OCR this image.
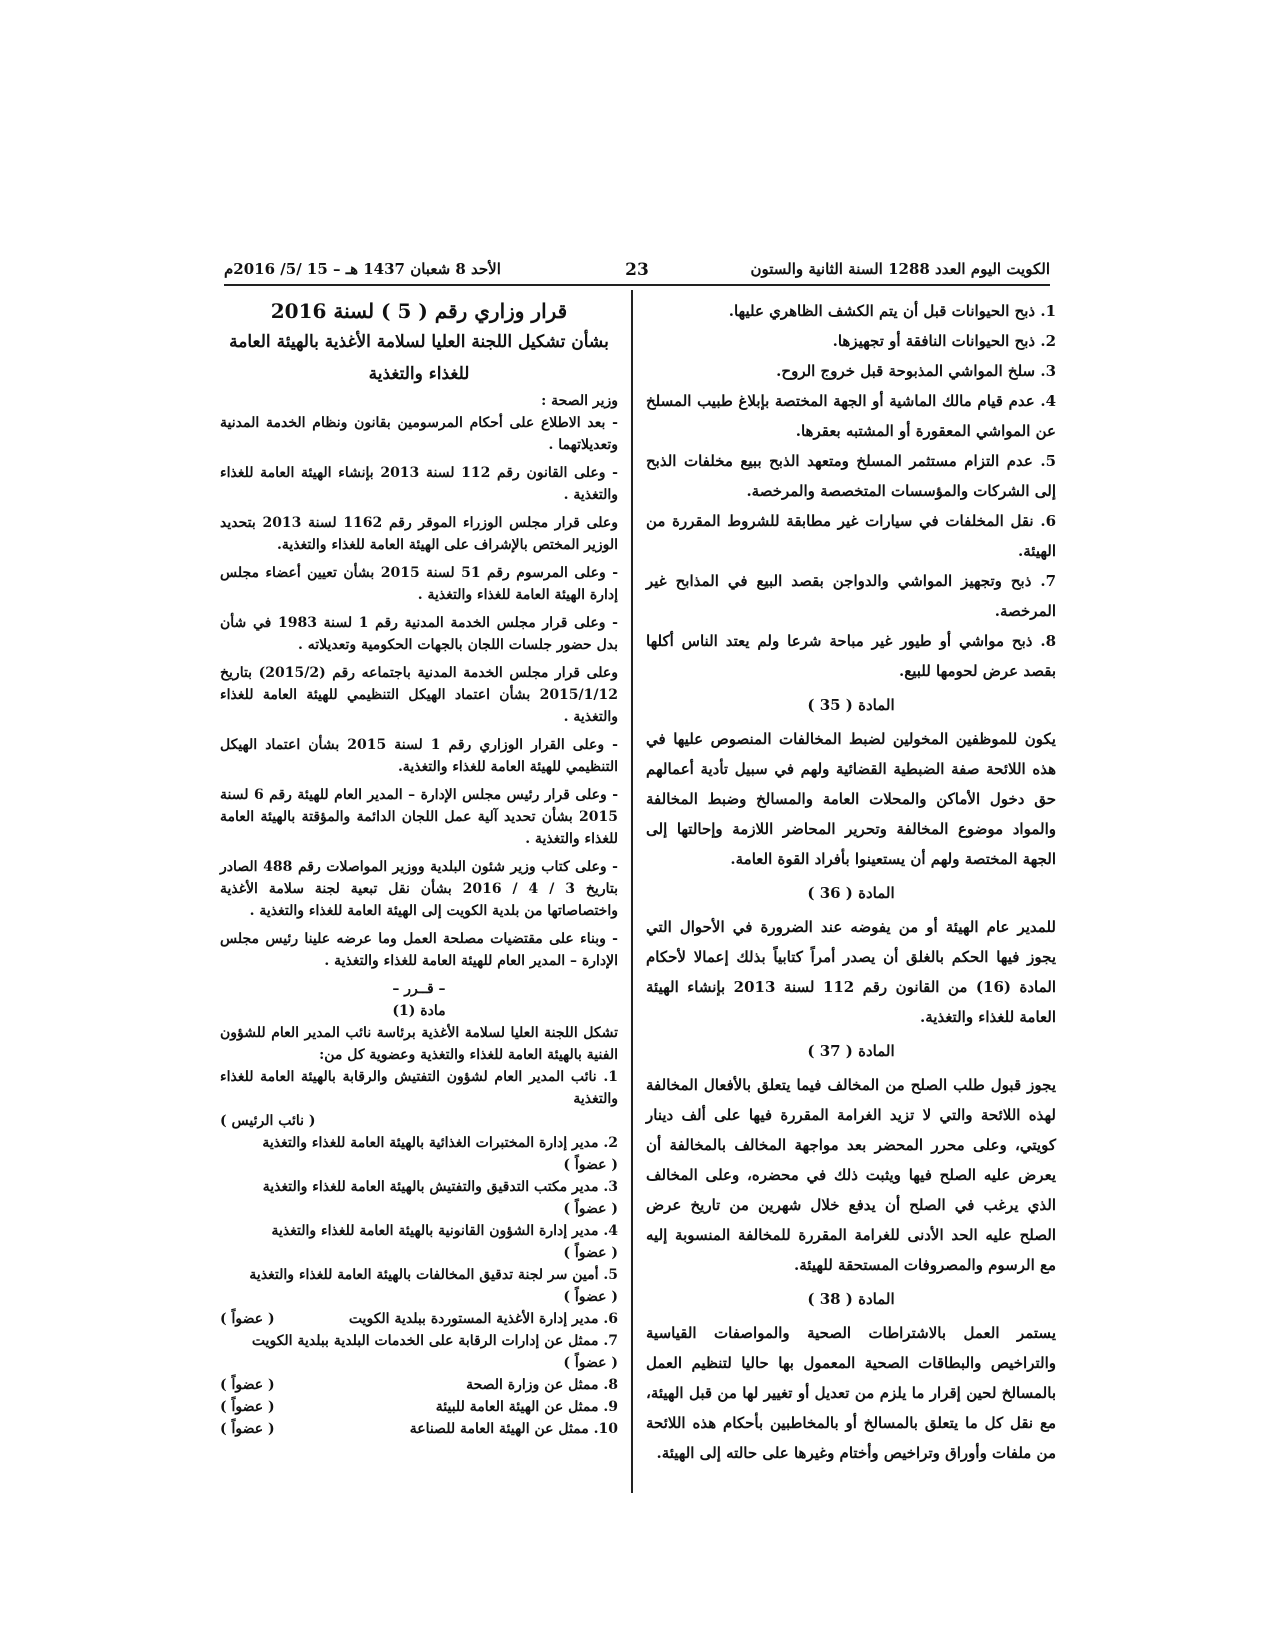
الكويت اليوم العدد 1288 السنة الثانية والستون
23
الأحد 8 شعبان 1437 هـ – 15 /5/ 2016م

1. ذبح الحيوانات قبل أن يتم الكشف الظاهري عليها.

2. ذبح الحيوانات النافقة أو تجهيزها.

3. سلخ المواشي المذبوحة قبل خروج الروح.

4. عدم قيام مالك الماشية أو الجهة المختصة بإبلاغ طبيب المسلخ عن المواشي المعقورة أو المشتبه بعقرها.

5. عدم التزام مستثمر المسلخ ومتعهد الذبح ببيع مخلفات الذبح إلى الشركات والمؤسسات المتخصصة والمرخصة.

6. نقل المخلفات في سيارات غير مطابقة للشروط المقررة من الهيئة.

7. ذبح وتجهيز المواشي والدواجن بقصد البيع في المذابح غير المرخصة.

8. ذبح مواشي أو طيور غير مباحة شرعا ولم يعتد الناس أكلها بقصد عرض لحومها للبيع.

المادة ( 35 )

يكون للموظفين المخولين لضبط المخالفات المنصوص عليها في هذه اللائحة صفة الضبطية القضائية ولهم في سبيل تأدية أعمالهم حق دخول الأماكن والمحلات العامة والمسالخ وضبط المخالفة والمواد موضوع المخالفة وتحرير المحاضر اللازمة وإحالتها إلى الجهة المختصة ولهم أن يستعينوا بأفراد القوة العامة.

المادة ( 36 )

للمدير عام الهيئة أو من يفوضه عند الضرورة في الأحوال التي يجوز فيها الحكم بالغلق أن يصدر أمراً كتابياً بذلك إعمالا لأحكام المادة (16) من القانون رقم 112 لسنة 2013 بإنشاء الهيئة العامة للغذاء والتغذية.

المادة ( 37 )

يجوز قبول طلب الصلح من المخالف فيما يتعلق بالأفعال المخالفة لهذه اللائحة والتي لا تزيد الغرامة المقررة فيها على ألف دينار كويتي، وعلى محرر المحضر بعد مواجهة المخالف بالمخالفة أن يعرض عليه الصلح فيها ويثبت ذلك في محضره، وعلى المخالف الذي يرغب في الصلح أن يدفع خلال شهرين من تاريخ عرض الصلح عليه الحد الأدنى للغرامة المقررة للمخالفة المنسوبة إليه مع الرسوم والمصروفات المستحقة للهيئة.

المادة ( 38 )

يستمر العمل بالاشتراطات الصحية والمواصفات القياسية والتراخيص والبطاقات الصحية المعمول بها حاليا لتنظيم العمل بالمسالخ لحين إقرار ما يلزم من تعديل أو تغيير لها من قبل الهيئة، مع نقل كل ما يتعلق بالمسالخ أو بالمخاطبين بأحكام هذه اللائحة من ملفات وأوراق وتراخيص وأختام وغيرها على حالته إلى الهيئة.

قرار وزاري رقم ( 5 ) لسنة 2016

بشأن تشكيل اللجنة العليا لسلامة الأغذية بالهيئة العامة للغذاء والتغذية

وزير الصحة :

- بعد الاطلاع على أحكام المرسومين بقانون ونظام الخدمة المدنية وتعديلاتهما .

- وعلى القانون رقم 112 لسنة 2013 بإنشاء الهيئة العامة للغذاء والتغذية .

وعلى قرار مجلس الوزراء الموقر رقم 1162 لسنة 2013 بتحديد الوزير المختص بالإشراف على الهيئة العامة للغذاء والتغذية.

- وعلى المرسوم رقم 51 لسنة 2015 بشأن تعيين أعضاء مجلس إدارة الهيئة العامة للغذاء والتغذية .

- وعلى قرار مجلس الخدمة المدنية رقم 1 لسنة 1983 في شأن بدل حضور جلسات اللجان بالجهات الحكومية وتعديلاته .

وعلى قرار مجلس الخدمة المدنية باجتماعه رقم (2015/2) بتاريخ 2015/1/12 بشأن اعتماد الهيكل التنظيمي للهيئة العامة للغذاء والتغذية .

- وعلى القرار الوزاري رقم 1 لسنة 2015 بشأن اعتماد الهيكل التنظيمي للهيئة العامة للغذاء والتغذية.

- وعلى قرار رئيس مجلس الإدارة – المدير العام للهيئة رقم 6 لسنة 2015 بشأن تحديد آلية عمل اللجان الدائمة والمؤقتة بالهيئة العامة للغذاء والتغذية .

- وعلى كتاب وزير شئون البلدية ووزير المواصلات رقم 488 الصادر بتاريخ 3 / 4 / 2016 بشأن نقل تبعية لجنة سلامة الأغذية واختصاصاتها من بلدية الكويت إلى الهيئة العامة للغذاء والتغذية .

- وبناء على مقتضيات مصلحة العمل وما عرضه علينا رئيس مجلس الإدارة – المدير العام للهيئة العامة للغذاء والتغذية .

– قــرر –

مادة (1)

تشكل اللجنة العليا لسلامة الأغذية برئاسة نائب المدير العام للشؤون الفنية بالهيئة العامة للغذاء والتغذية وعضوية كل من:

1. نائب المدير العام لشؤون التفتيش والرقابة بالهيئة العامة للغذاء والتغذية

( نائب الرئيس )

2. مدير إدارة المختبرات الغذائية بالهيئة العامة للغذاء والتغذية

( عضواً )

3. مدير مكتب التدقيق والتفتيش بالهيئة العامة للغذاء والتغذية

( عضواً )

4. مدير إدارة الشؤون القانونية بالهيئة العامة للغذاء والتغذية

( عضواً )

5. أمين سر لجنة تدقيق المخالفات بالهيئة العامة للغذاء والتغذية

( عضواً )

6. مدير إدارة الأغذية المستوردة ببلدية الكويت
( عضواً )

7. ممثل عن إدارات الرقابة على الخدمات البلدية ببلدية الكويت

( عضواً )

8. ممثل عن وزارة الصحة
( عضواً )
9. ممثل عن الهيئة العامة للبيئة
( عضواً )
10. ممثل عن الهيئة العامة للصناعة
( عضواً )
